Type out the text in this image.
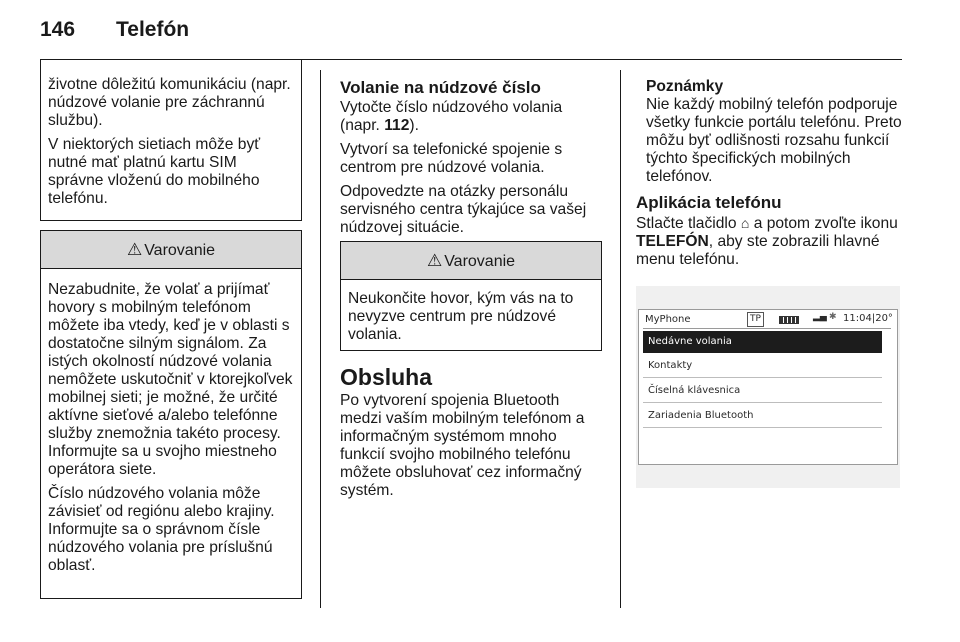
146 Telefón

životne dôležitú komunikáciu (napr. núdzové volanie pre záchrannú službu).

V niektorých sietiach môže byť nutné mať platnú kartu SIM správne vloženú do mobilného telefónu.

⚠ Varovanie

Nezabudnite, že volať a prijímať hovory s mobilným telefónom môžete iba vtedy, keď je v oblasti s dostatočne silným signálom. Za istých okolností núdzové volania nemôžete uskutočniť v ktorejkoľvek mobilnej sieti; je možné, že určité aktívne sieťové a/alebo telefónne služby znemožnia takéto procesy. Informujte sa u svojho miestneho operátora siete.

Číslo núdzového volania môže závisieť od regiónu alebo krajiny. Informujte sa o správnom čísle núdzového volania pre príslušnú oblasť.

Volanie na núdzové číslo

Vytočte číslo núdzového volania (napr. 112).

Vytvorí sa telefonické spojenie s centrom pre núdzové volania.

Odpovedzte na otázky personálu servisného centra týkajúce sa vašej núdzovej situácie.

⚠ Varovanie

Neukončite hovor, kým vás na to nevyzve centrum pre núdzové volania.

Obsluha

Po vytvorení spojenia Bluetooth medzi vaším mobilným telefónom a informačným systémom mnoho funkcií svojho mobilného telefónu môžete obsluhovať cez informačný systém.

Poznámky

Nie každý mobilný telefón podporuje všetky funkcie portálu telefónu. Preto môžu byť odlišnosti rozsahu funkcií týchto špecifických mobilných telefónov.

Aplikácia telefónu

Stlačte tlačidlo ⌂ a potom zvoľte ikonu TELEFÓN, aby ste zobrazili hlavné menu telefónu.

MyPhone	TP	▂▄ ✱ 11:04|20°
Nedávne volania
Kontakty
Číselná klávesnica
Zariadenia Bluetooth
